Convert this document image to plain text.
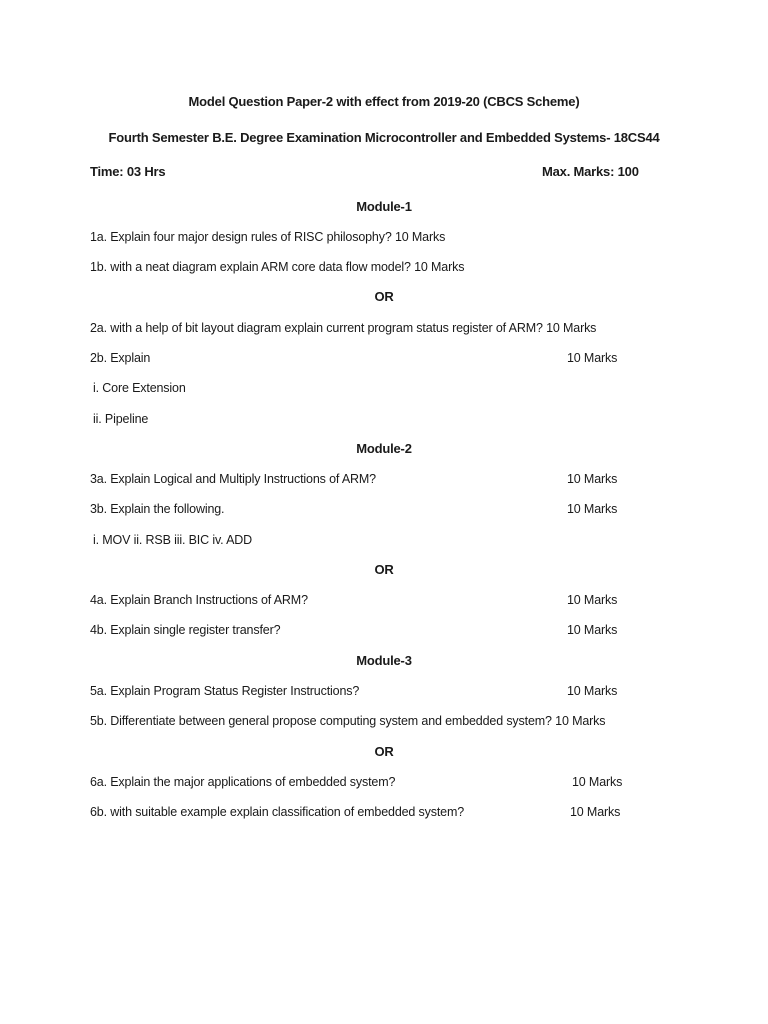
Model Question Paper-2 with effect from 2019-20 (CBCS Scheme)
Fourth Semester B.E. Degree Examination Microcontroller and Embedded Systems- 18CS44
Time: 03 Hrs	Max. Marks: 100
Module-1
1a. Explain four major design rules of RISC philosophy? 10 Marks
1b. with a neat diagram explain ARM core data flow model? 10 Marks
OR
2a. with a help of bit layout diagram explain current program status register of ARM? 10 Marks
2b. Explain	10 Marks
i. Core Extension
ii. Pipeline
Module-2
3a. Explain Logical and Multiply Instructions of ARM?	10 Marks
3b. Explain the following.	10 Marks
i. MOV ii. RSB iii. BIC iv. ADD
OR
4a. Explain Branch Instructions of ARM?	10 Marks
4b. Explain single register transfer?	10 Marks
Module-3
5a. Explain Program Status Register Instructions?	10 Marks
5b. Differentiate between general propose computing system and embedded system? 10 Marks
OR
6a. Explain the major applications of embedded system?	10 Marks
6b. with suitable example explain classification of embedded system?	10 Marks
